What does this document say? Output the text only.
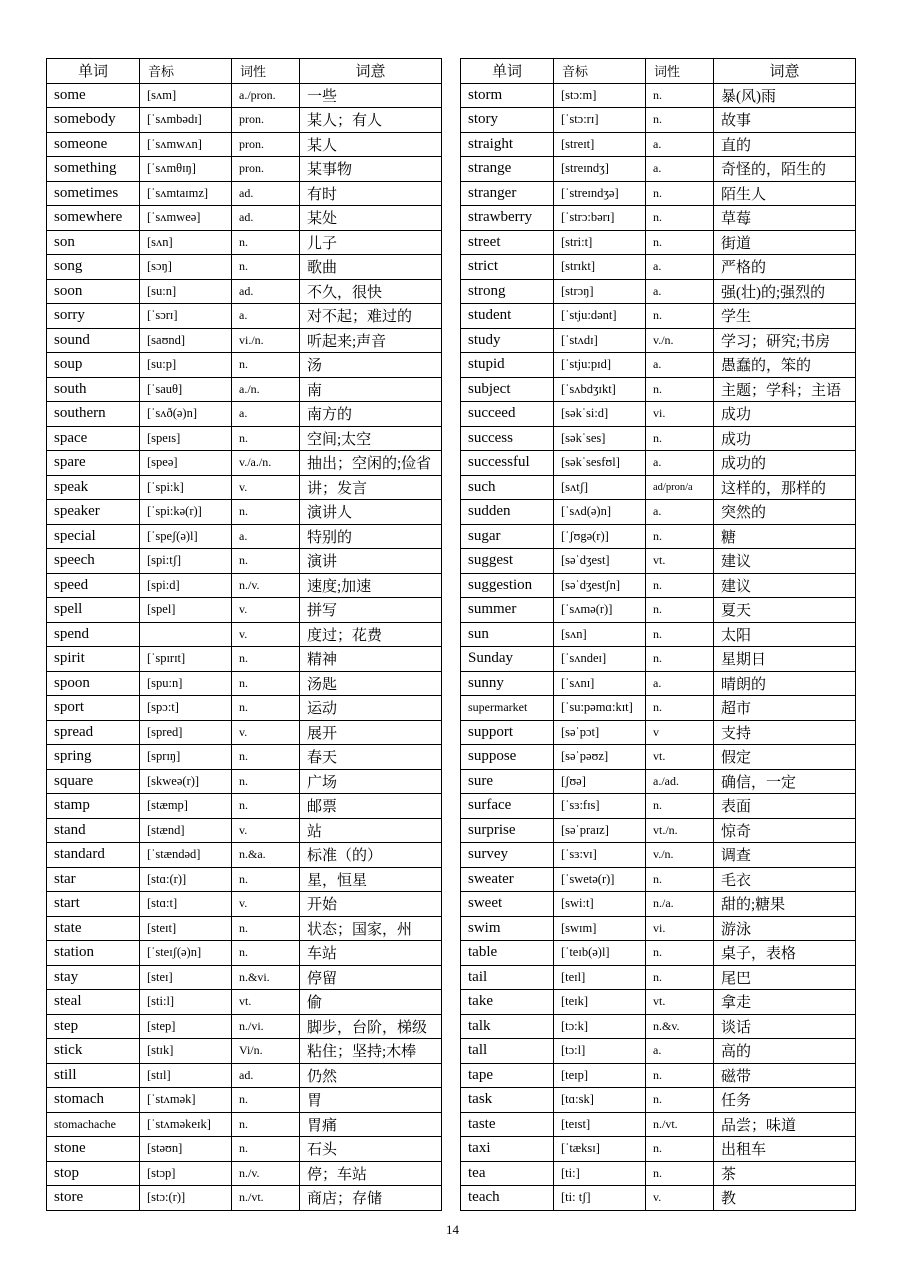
单词	音标	词性	词意
some	[sʌm]	a./pron.	一些
somebody	[ˈsʌmbədɪ]	pron.	某人；有人
someone	[ˈsʌmwʌn]	pron.	某人
something	[ˈsʌmθɪŋ]	pron.	某事物
sometimes	[ˈsʌmtaɪmz]	ad.	有时
somewhere	[ˈsʌmweə]	ad.	某处
son	[sʌn]	n.	儿子
song	[sɔŋ]	n.	歌曲
soon	[su:n]	ad.	不久，很快
sorry	[ˈsɔrɪ]	a.	对不起；难过的
sound	[saʊnd]	vi./n.	听起来;声音
soup	[su:p]	n.	汤
south	[ˈsauθ]	a./n.	南
southern	[ˈsʌð(ə)n]	a.	南方的
space	[speɪs]	n.	空间;太空
spare	[speə]	v./a./n.	抽出；空闲的;俭省
speak	[ˈspi:k]	v.	讲；发言
speaker	[ˈspi:kə(r)]	n.	演讲人
special	[ˈspeʃ(ə)l]	a.	特别的
speech	[spi:tʃ]	n.	演讲
speed	[spi:d]	n./v.	速度;加速
spell	[spel]	v.	拼写
spend		v.	度过；花费
spirit	[ˈspɪrɪt]	n.	精神
spoon	[spu:n]	n.	汤匙
sport	[spɔ:t]	n.	运动
spread	[spred]	v.	展开
spring	[sprɪŋ]	n.	春天
square	[skweə(r)]	n.	广场
stamp	[stæmp]	n.	邮票
stand	[stænd]	v.	站
standard	[ˈstændəd]	n.&a.	标准（的）
star	[stɑ:(r)]	n.	星，恒星
start	[stɑ:t]	v.	开始
state	[steɪt]	n.	状态；国家，州
station	[ˈsteɪʃ(ə)n]	n.	车站
stay	[steɪ]	n.&vi.	停留
steal	[sti:l]	vt.	偷
step	[step]	n./vi.	脚步，台阶，梯级
stick	[stɪk]	Vi/n.	粘住；坚持;木棒
still	[stɪl]	ad.	仍然
stomach	[ˈstʌmək]	n.	胃
stomachache	[ˈstʌməkeɪk]	n.	胃痛
stone	[stəʊn]	n.	石头
stop	[stɔp]	n./v.	停；车站
store	[stɔ:(r)]	n./vt.	商店；存储
单词	音标	词性	词意
storm	[stɔ:m]	n.	暴(风)雨
story	[ˈstɔ:rɪ]	n.	故事
straight	[streɪt]	a.	直的
strange	[streɪndʒ]	a.	奇怪的，陌生的
stranger	[ˈstreɪndʒə]	n.	陌生人
strawberry	[ˈstrɔ:bərɪ]	n.	草莓
street	[stri:t]	n.	街道
strict	[strɪkt]	a.	严格的
strong	[strɔŋ]	a.	强(壮)的;强烈的
student	[ˈstju:dənt]	n.	学生
study	[ˈstʌdɪ]	v./n.	学习；研究;书房
stupid	[ˈstju:pɪd]	a.	愚蠢的，笨的
subject	[ˈsʌbdʒɪkt]	n.	主题；学科；主语
succeed	[səkˈsi:d]	vi.	成功
success	[səkˈses]	n.	成功
successful	[səkˈsesfʊl]	a.	成功的
such	[sʌtʃ]	ad/pron/a	这样的，那样的
sudden	[ˈsʌd(ə)n]	a.	突然的
sugar	[ˈʃʊgə(r)]	n.	糖
suggest	[səˈdʒest]	vt.	建议
suggestion	[səˈdʒestʃn]	n.	建议
summer	[ˈsʌmə(r)]	n.	夏天
sun	[sʌn]	n.	太阳
Sunday	[ˈsʌndeɪ]	n.	星期日
sunny	[ˈsʌnɪ]	a.	晴朗的
supermarket	[ˈsu:pəmɑ:kɪt]	n.	超市
support	[səˈpɔt]	v	支持
suppose	[səˈpəʊz]	vt.	假定
sure	[ʃʊə]	a./ad.	确信，一定
surface	[ˈsɜ:fɪs]	n.	表面
surprise	[səˈpraɪz]	vt./n.	惊奇
survey	[ˈsɜ:vɪ]	v./n.	调查
sweater	[ˈswetə(r)]	n.	毛衣
sweet	[swi:t]	n./a.	甜的;糖果
swim	[swɪm]	vi.	游泳
table	[ˈteɪb(ə)l]	n.	桌子，表格
tail	[teɪl]	n.	尾巴
take	[teɪk]	vt.	拿走
talk	[tɔ:k]	n.&v.	谈话
tall	[tɔ:l]	a.	高的
tape	[teɪp]	n.	磁带
task	[tɑ:sk]	n.	任务
taste	[teɪst]	n./vt.	品尝；味道
taxi	[ˈtæksɪ]	n.	出租车
tea	[ti:]	n.	茶
teach	[ti: tʃ]	v.	教
14
